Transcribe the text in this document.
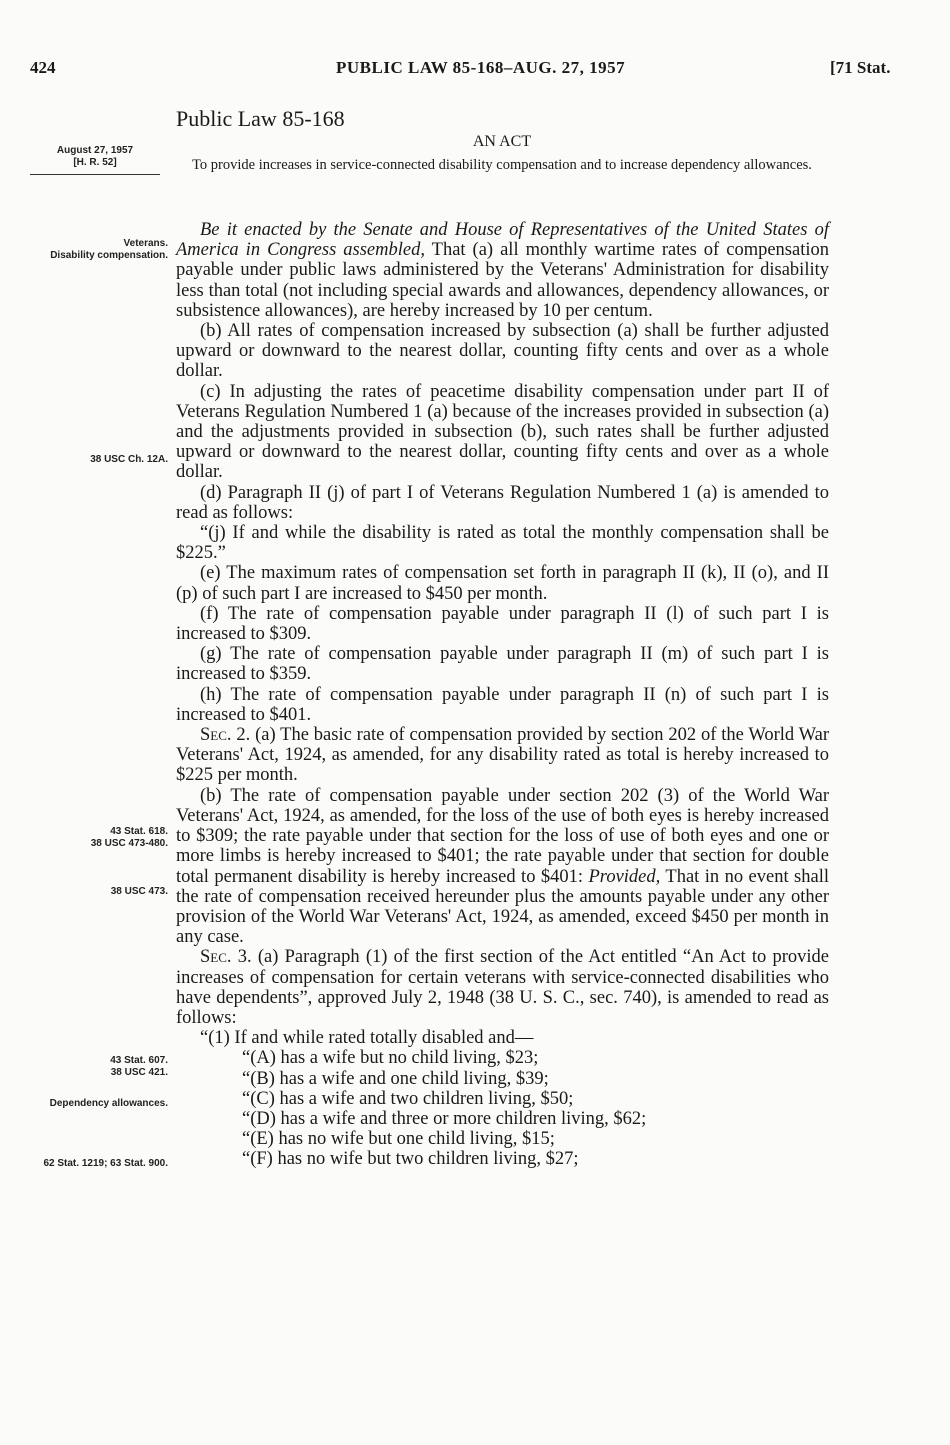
424	PUBLIC LAW 85-168–AUG. 27, 1957	[71 Stat.
Public Law 85-168
AN ACT
To provide increases in service-connected disability compensation and to increase dependency allowances.
August 27, 1957
[H. R. 52]
Veterans.
Disability compensation.
38 USC Ch. 12A.
43 Stat. 618.
38 USC 473-480.
38 USC 473.
43 Stat. 607.
38 USC 421.
Dependency allowances.
62 Stat. 1219; 63 Stat. 900.

Be it enacted by the Senate and House of Representatives of the United States of America in Congress assembled, That (a) all monthly wartime rates of compensation payable under public laws administered by the Veterans' Administration for disability less than total (not including special awards and allowances, dependency allowances, or subsistence allowances), are hereby increased by 10 per centum.

(b) All rates of compensation increased by subsection (a) shall be further adjusted upward or downward to the nearest dollar, counting fifty cents and over as a whole dollar.

(c) In adjusting the rates of peacetime disability compensation under part II of Veterans Regulation Numbered 1 (a) because of the increases provided in subsection (a) and the adjustments provided in subsection (b), such rates shall be further adjusted upward or downward to the nearest dollar, counting fifty cents and over as a whole dollar.

(d) Paragraph II (j) of part I of Veterans Regulation Numbered 1 (a) is amended to read as follows:

“(j) If and while the disability is rated as total the monthly compensation shall be $225.”

(e) The maximum rates of compensation set forth in paragraph II (k), II (o), and II (p) of such part I are increased to $450 per month.

(f) The rate of compensation payable under paragraph II (l) of such part I is increased to $309.

(g) The rate of compensation payable under paragraph II (m) of such part I is increased to $359.

(h) The rate of compensation payable under paragraph II (n) of such part I is increased to $401.

Sec. 2. (a) The basic rate of compensation provided by section 202 of the World War Veterans' Act, 1924, as amended, for any disability rated as total is hereby increased to $225 per month.

(b) The rate of compensation payable under section 202 (3) of the World War Veterans' Act, 1924, as amended, for the loss of the use of both eyes is hereby increased to $309; the rate payable under that section for the loss of use of both eyes and one or more limbs is hereby increased to $401; the rate payable under that section for double total permanent disability is hereby increased to $401: Provided, That in no event shall the rate of compensation received hereunder plus the amounts payable under any other provision of the World War Veterans' Act, 1924, as amended, exceed $450 per month in any case.

Sec. 3. (a) Paragraph (1) of the first section of the Act entitled “An Act to provide increases of compensation for certain veterans with service-connected disabilities who have dependents”, approved July 2, 1948 (38 U. S. C., sec. 740), is amended to read as follows:

“(1) If and while rated totally disabled and—

“(A) has a wife but no child living, $23;

“(B) has a wife and one child living, $39;

“(C) has a wife and two children living, $50;

“(D) has a wife and three or more children living, $62;

“(E) has no wife but one child living, $15;

“(F) has no wife but two children living, $27;
